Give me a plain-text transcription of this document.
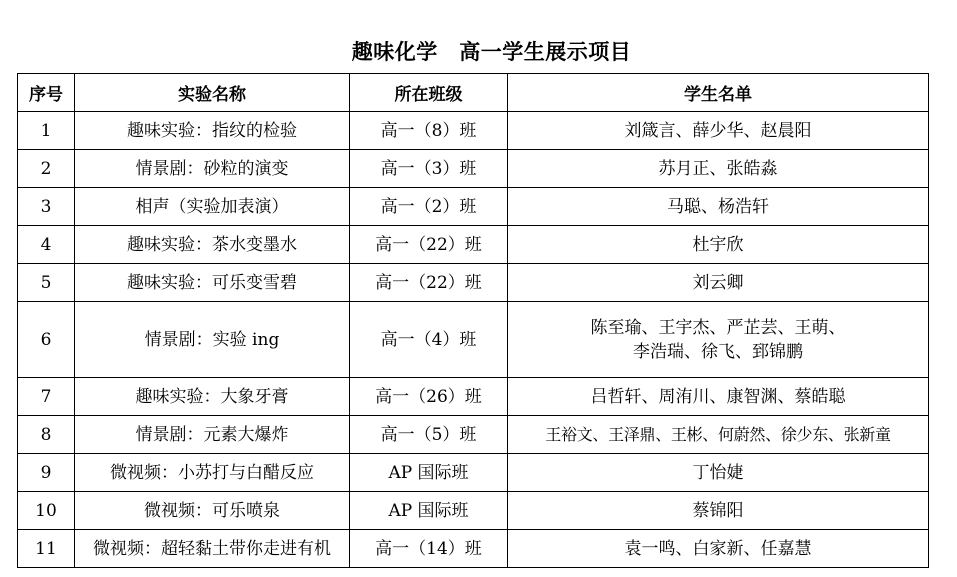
趣味化学　高一学生展示项目
序号	实验名称	所在班级	学生名单
1	趣味实验：指纹的检验	高一（8）班	刘箴言、薛少华、赵晨阳

2	情景剧：砂粒的演变	高一（3）班	苏月正、张皓淼

3	相声（实验加表演）	高一（2）班	马聪、杨浩轩

4	趣味实验：茶水变墨水	高一（22）班	杜宇欣

5	趣味实验：可乐变雪碧	高一（22）班	刘云卿

6	情景剧：实验 ing	高一（4）班	陈至瑜、王宇杰、严芷芸、王萌、
李浩瑞、徐飞、郅锦鹏

7	趣味实验：大象牙膏	高一（26）班	吕哲轩、周洧川、康智渊、蔡皓聪

8	情景剧：元素大爆炸	高一（5）班	王裕文、王泽鼎、王彬、何蔚然、徐少东、张新童

9	微视频：小苏打与白醋反应	AP 国际班	丁怡婕

10	微视频：可乐喷泉	AP 国际班	蔡锦阳

11	微视频：超轻黏土带你走进有机	高一（14）班	袁一鸣、白家新、任嘉慧
